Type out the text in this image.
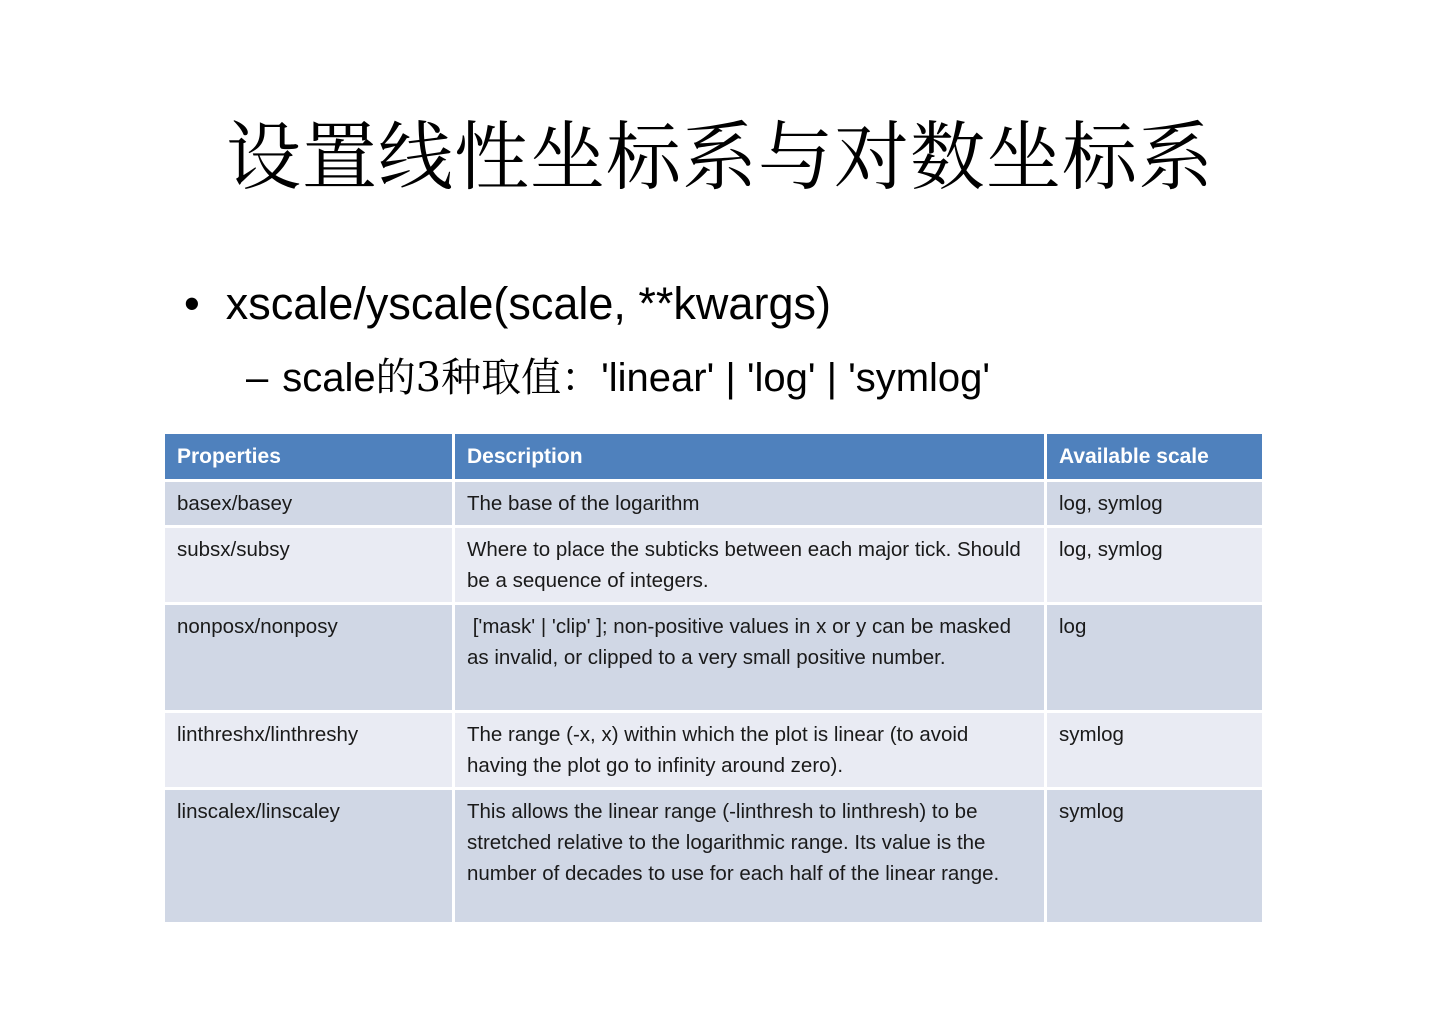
设置线性坐标系与对数坐标系
• xscale/yscale(scale, **kwargs)
– scale的3种取值：'linear' | 'log' | 'symlog'
Properties	Description	Available scale
basex/basey	The base of the logarithm	log, symlog
subsx/subsy	Where to place the subticks between each major tick. Should be a sequence of integers.	log, symlog
nonposx/nonposy	['mask' | 'clip' ]; non-positive values in x or y can be masked as invalid, or clipped to a very small positive number.	log
linthreshx/linthreshy	The range (-x, x) within which the plot is linear (to avoid having the plot go to infinity around zero).	symlog
linscalex/linscaley	This allows the linear range (-linthresh to linthresh) to be stretched relative to the logarithmic range. Its value is the number of decades to use for each half of the linear range.	symlog
